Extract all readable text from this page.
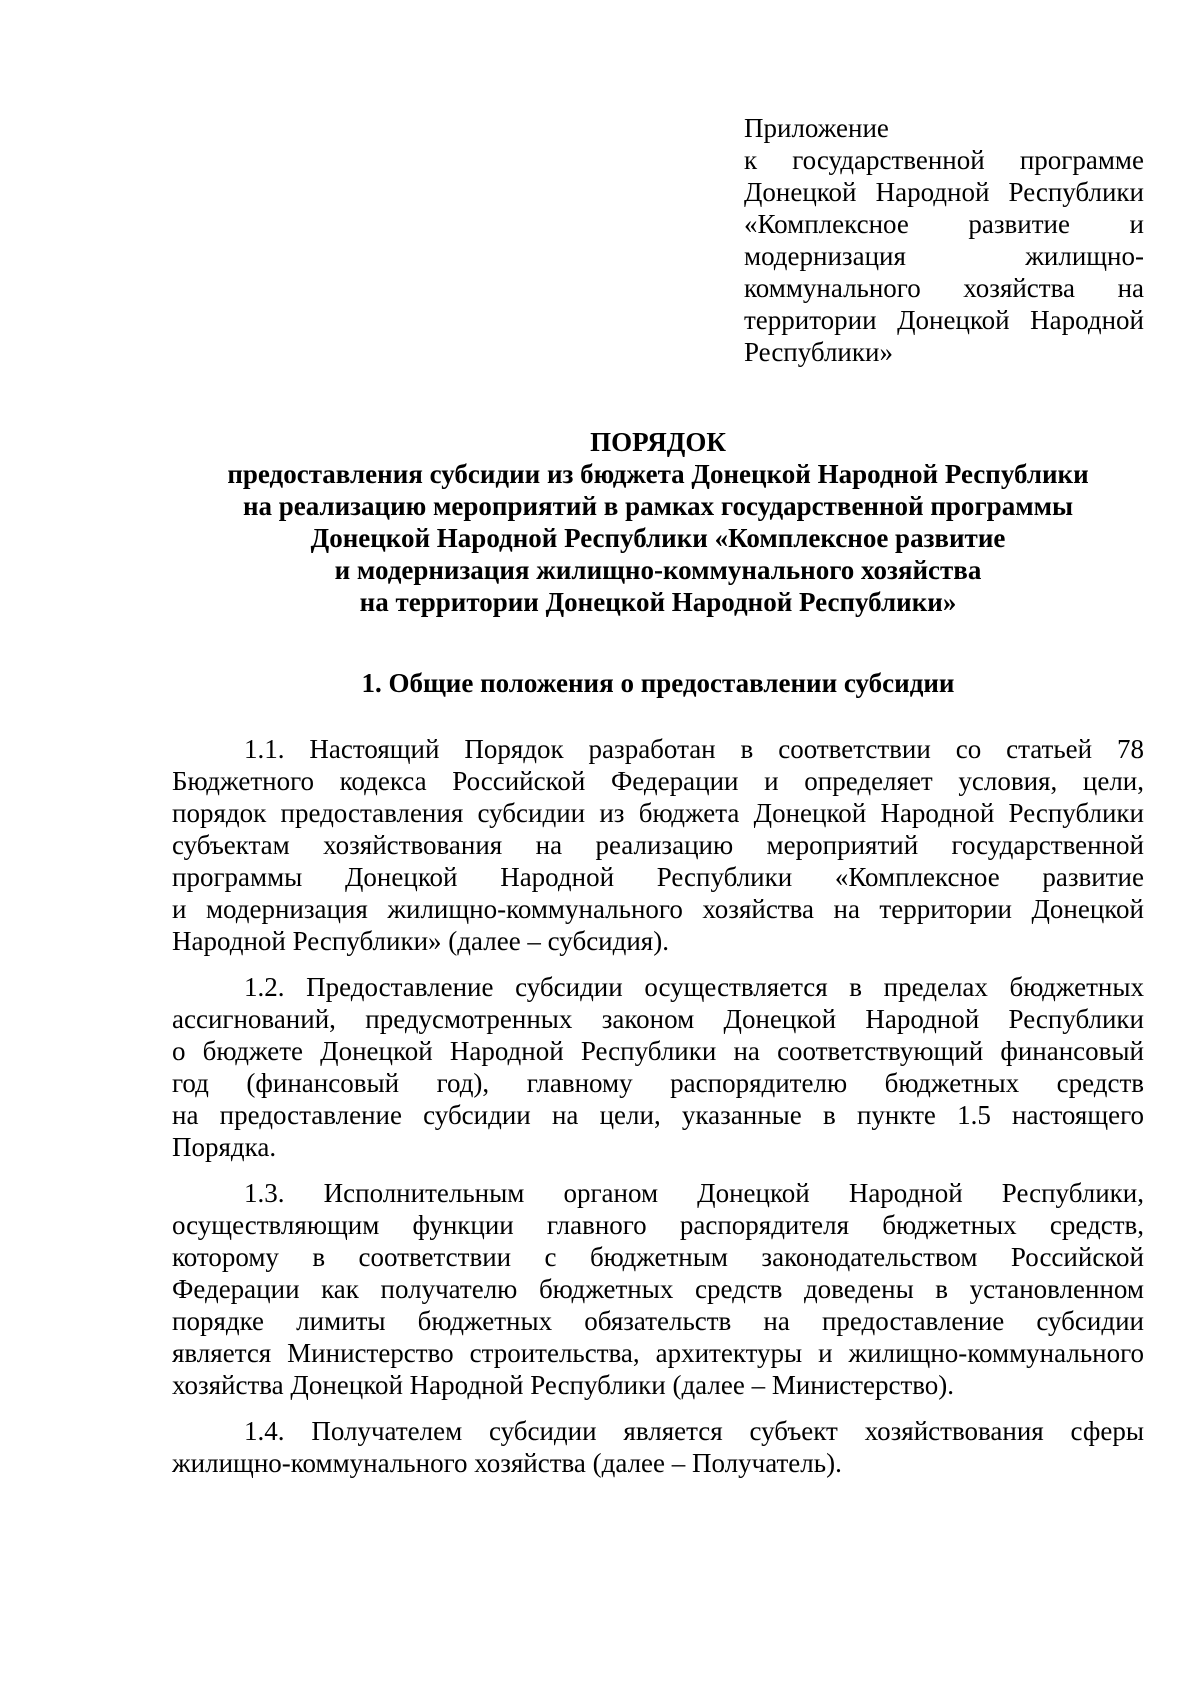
Приложение
к государственной программе
Донецкой Народной Республики
«Комплексное развитие и
модернизация жилищно-
коммунального хозяйства на
территории Донецкой Народной
Республики»
ПОРЯДОК
предоставления субсидии из бюджета Донецкой Народной Республики
на реализацию мероприятий в рамках государственной программы
Донецкой Народной Республики «Комплексное развитие
и модернизация жилищно-коммунального хозяйства
на территории Донецкой Народной Республики»
1. Общие положения о предоставлении субсидии
1.1. Настоящий Порядок разработан в соответствии со статьей 78
Бюджетного кодекса Российской Федерации и определяет условия, цели,
порядок предоставления субсидии из бюджета Донецкой Народной Республики
субъектам хозяйствования на реализацию мероприятий государственной
программы Донецкой Народной Республики «Комплексное развитие
и модернизация жилищно-коммунального хозяйства на территории Донецкой
Народной Республики» (далее – субсидия).
1.2. Предоставление субсидии осуществляется в пределах бюджетных
ассигнований, предусмотренных законом Донецкой Народной Республики
о бюджете Донецкой Народной Республики на соответствующий финансовый
год (финансовый год), главному распорядителю бюджетных средств
на предоставление субсидии на цели, указанные в пункте 1.5 настоящего
Порядка.
1.3. Исполнительным органом Донецкой Народной Республики,
осуществляющим функции главного распорядителя бюджетных средств,
которому в соответствии с бюджетным законодательством Российской
Федерации как получателю бюджетных средств доведены в установленном
порядке лимиты бюджетных обязательств на предоставление субсидии
является Министерство строительства, архитектуры и жилищно-коммунального
хозяйства Донецкой Народной Республики (далее – Министерство).
1.4. Получателем субсидии является субъект хозяйствования сферы
жилищно-коммунального хозяйства (далее – Получатель).
